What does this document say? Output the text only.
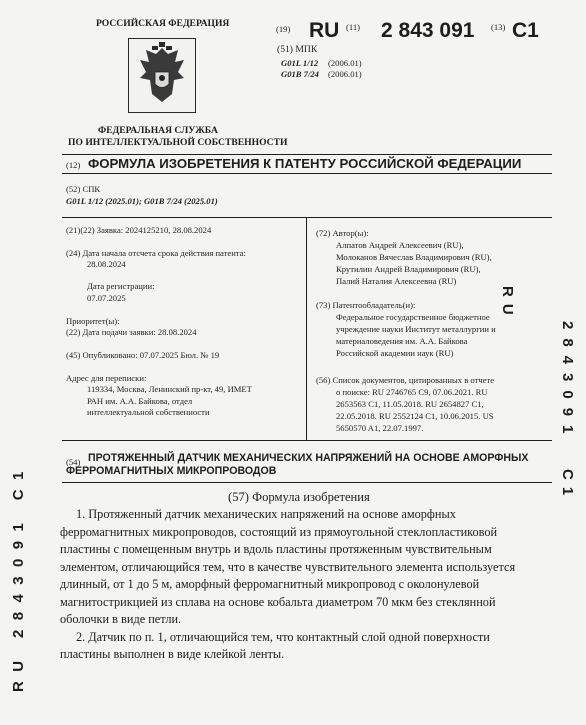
РОССИЙСКАЯ ФЕДЕРАЦИЯ
ФЕДЕРАЛЬНАЯ СЛУЖБА
ПО ИНТЕЛЛЕКТУАЛЬНОЙ СОБСТВЕННОСТИ
(19) RU (11) 2 843 091 (13) C1
(51) МПК
G01L 1/12 (2006.01)
G01B 7/24 (2006.01)
(12) ФОРМУЛА ИЗОБРЕТЕНИЯ К ПАТЕНТУ РОССИЙСКОЙ ФЕДЕРАЦИИ
(52) СПК
G01L 1/12 (2025.01); G01B 7/24 (2025.01)
(21)(22) Заявка: 2024125210, 28.08.2024
(24) Дата начала отсчета срока действия патента:
28.08.2024
Дата регистрации:
07.07.2025
Приоритет(ы):
(22) Дата подачи заявки: 28.08.2024
(45) Опубликовано: 07.07.2025 Бюл. № 19
Адрес для переписки:
119334, Москва, Ленинский пр-кт, 49, ИМЕТ
РАН им. А.А. Байкова, отдел
интеллектуальной собственности
(72) Автор(ы):
Алпатов Андрей Алексеевич (RU),
Молоканов Вячеслав Владимирович (RU),
Крутилин Андрей Владимирович (RU),
Палий Наталия Алексеевна (RU)
(73) Патентообладатель(и):
Федеральное государственное бюджетное
учреждение науки Институт металлургии и
материаловедения им. А.А. Байкова
Российской академии наук (RU)
(56) Список документов, цитированных в отчете
о поиске: RU 2746765 C9, 07.06.2021. RU
2653563 C1, 11.05.2018. RU 2654827 C1,
22.05.2018. RU 2552124 C1, 10.06.2015. US
5650570 A1, 22.07.1997.
(54) ПРОТЯЖЕННЫЙ ДАТЧИК МЕХАНИЧЕСКИХ НАПРЯЖЕНИЙ НА ОСНОВЕ АМОРФНЫХ
ФЕРРОМАГНИТНЫХ МИКРОПРОВОДОВ
(57) Формула изобретения
1. Протяженный датчик механических напряжений на основе аморфных
ферромагнитных микропроводов, состоящий из прямоугольной стеклопластиковой
пластины с помещенным внутрь и вдоль пластины протяженным чувствительным
элементом, отличающийся тем, что в качестве чувствительного элемента используется
длинный, от 1 до 5 м, аморфный ферромагнитный микропровод с околонулевой
магнитострикцией из сплава на основе кобальта диаметром 70 мкм без стеклянной
оболочки в виде петли.
2. Датчик по п. 1, отличающийся тем, что контактный слой одной поверхности
пластины выполнен в виде клейкой ленты.
RU
2843091
C1
RU 2843091 C1
